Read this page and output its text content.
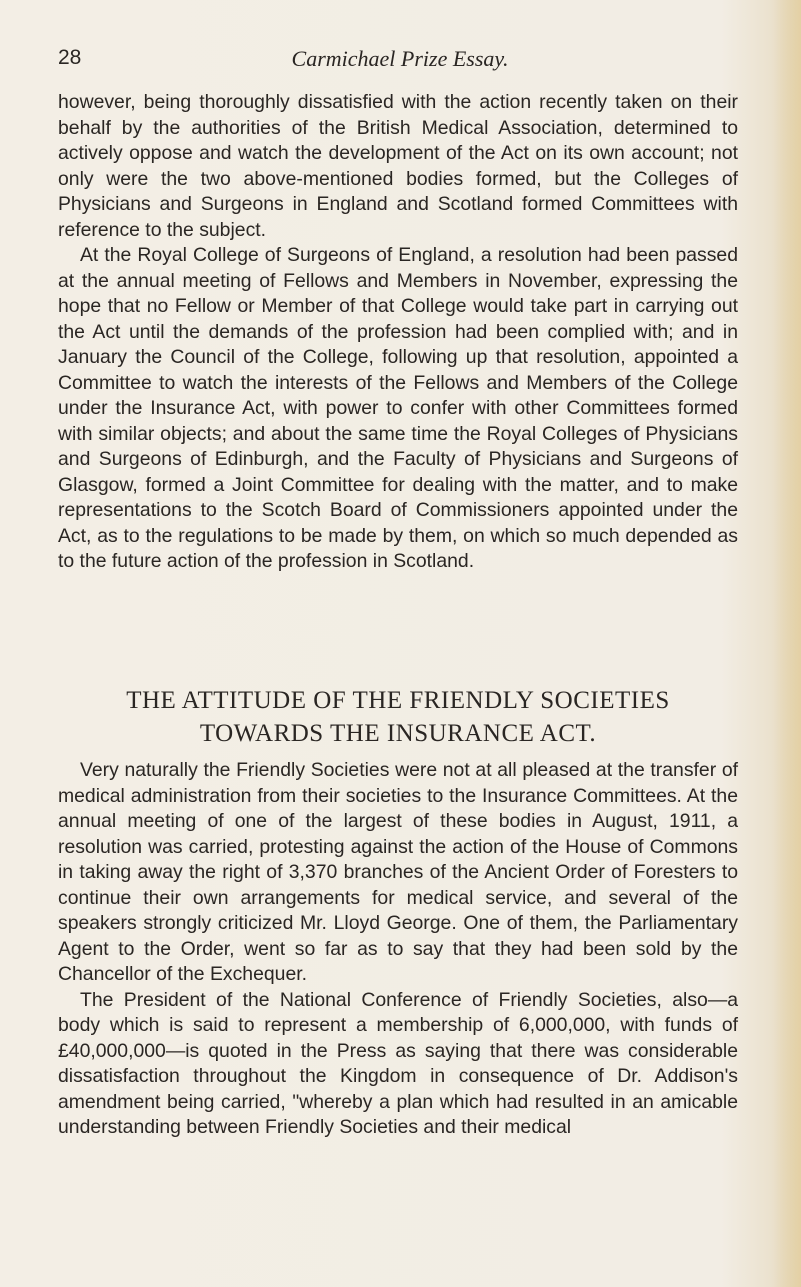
28	Carmichael Prize Essay.

however, being thoroughly dissatisfied with the action recently taken on their behalf by the authorities of the British Medical Association, determined to actively oppose and watch the development of the Act on its own account; not only were the two above-mentioned bodies formed, but the Colleges of Physicians and Surgeons in England and Scotland formed Committees with reference to the subject.

At the Royal College of Surgeons of England, a resolution had been passed at the annual meeting of Fellows and Members in November, expressing the hope that no Fellow or Member of that College would take part in carrying out the Act until the demands of the profession had been complied with; and in January the Council of the College, following up that resolution, appointed a Committee to watch the interests of the Fellows and Members of the College under the Insurance Act, with power to confer with other Committees formed with similar objects; and about the same time the Royal Colleges of Physicians and Surgeons of Edinburgh, and the Faculty of Physicians and Surgeons of Glasgow, formed a Joint Committee for dealing with the matter, and to make representations to the Scotch Board of Commissioners appointed under the Act, as to the regulations to be made by them, on which so much depended as to the future action of the profession in Scotland.

THE ATTITUDE OF THE FRIENDLY SOCIETIES
TOWARDS THE INSURANCE ACT.

Very naturally the Friendly Societies were not at all pleased at the transfer of medical administration from their societies to the Insurance Committees. At the annual meeting of one of the largest of these bodies in August, 1911, a resolution was carried, protesting against the action of the House of Commons in taking away the right of 3,370 branches of the Ancient Order of Foresters to continue their own arrangements for medical service, and several of the speakers strongly criticized Mr. Lloyd George. One of them, the Parliamentary Agent to the Order, went so far as to say that they had been sold by the Chancellor of the Exchequer.

The President of the National Conference of Friendly Societies, also—a body which is said to represent a membership of 6,000,000, with funds of £40,000,000—is quoted in the Press as saying that there was considerable dissatisfaction throughout the Kingdom in consequence of Dr. Addison's amendment being carried, "whereby a plan which had resulted in an amicable understanding between Friendly Societies and their medical
